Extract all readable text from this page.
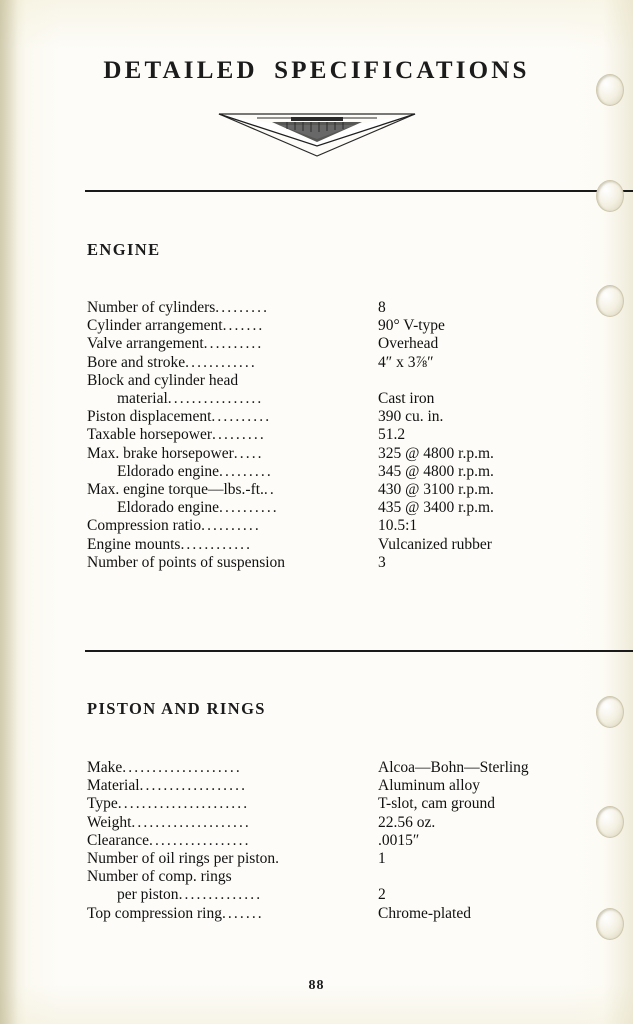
DETAILED SPECIFICATIONS
ENGINE
Number of cylinders.........	8
Cylinder arrangement.......	90° V-type
Valve arrangement..........	Overhead
Bore and stroke............	4″ x 3⅞″
Block and cylinder head	
material................	Cast iron
Piston displacement..........	390 cu. in.
Taxable horsepower.........	51.2
Max. brake horsepower.....	325 @ 4800 r.p.m.
Eldorado engine.........	345 @ 4800 r.p.m.
Max. engine torque—lbs.-ft...	430 @ 3100 r.p.m.
Eldorado engine..........	435 @ 3400 r.p.m.
Compression ratio..........	10.5:1
Engine mounts............	Vulcanized rubber
Number of points of suspension	3
PISTON AND RINGS
Make....................	Alcoa—Bohn—Sterling
Material..................	Aluminum alloy
Type......................	T-slot, cam ground
Weight....................	22.56 oz.
Clearance.................	.0015″
Number of oil rings per piston.	1
Number of comp. rings	
per piston..............	2
Top compression ring.......	Chrome-plated
88
